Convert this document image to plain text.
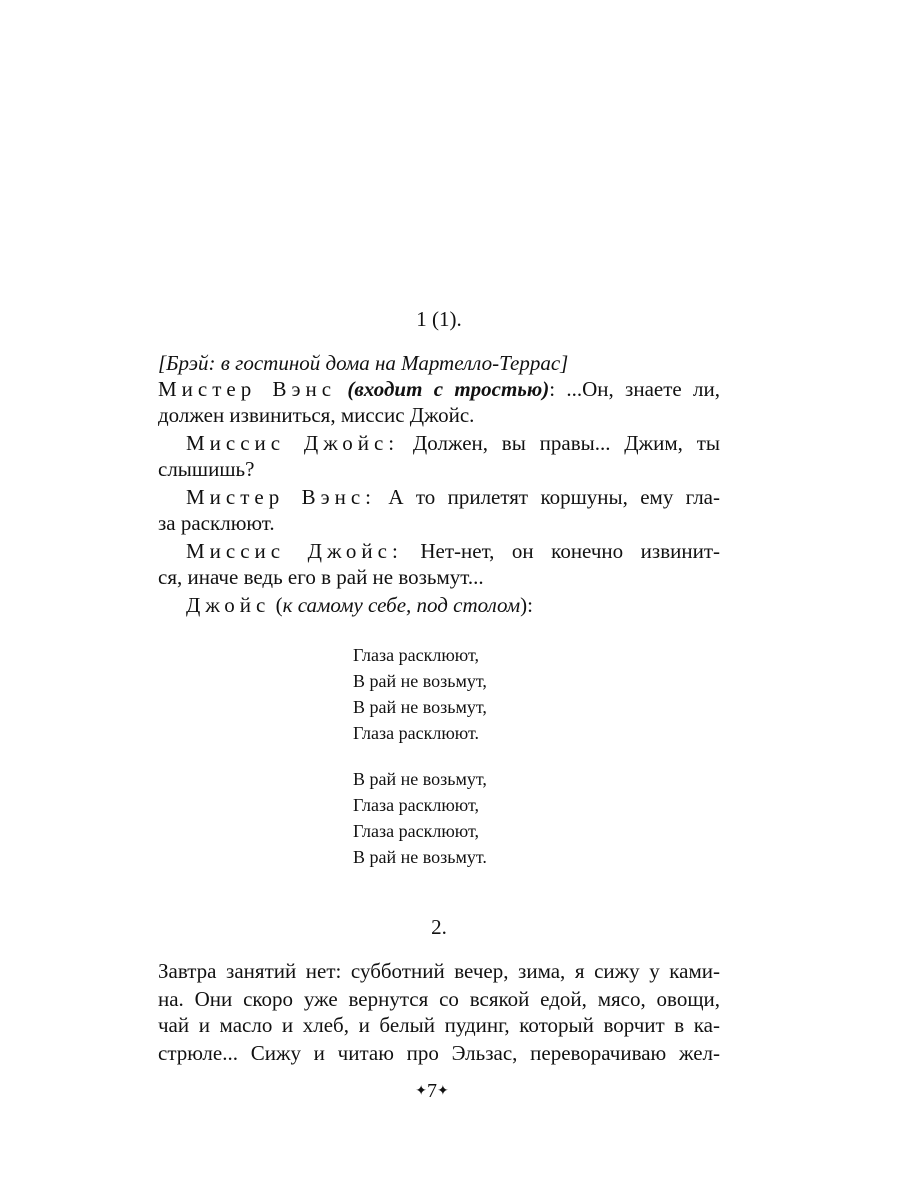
1 (1).
[Брэй: в гостиной дома на Мартелло-Террас]
Мистер Вэнс (входит с тростью): ...Он, знаете ли,
должен извиниться, миссис Джойс.
Миссис Джойс: Должен, вы правы... Джим, ты
слышишь?
Мистер Вэнс: А то прилетят коршуны, ему гла-
за расклюют.
Миссис Джойс: Нет-нет, он конечно извинит-
ся, иначе ведь его в рай не возьмут...
Джойс (к самому себе, под столом):
Глаза расклюют,
В рай не возьмут,
В рай не возьмут,
Глаза расклюют.
В рай не возьмут,
Глаза расклюют,
Глаза расклюют,
В рай не возьмут.
2.
Завтра занятий нет: субботний вечер, зима, я сижу у ками-
на. Они скоро уже вернутся со всякой едой, мясо, овощи,
чай и масло и хлеб, и белый пудинг, который ворчит в ка-
стрюле... Сижу и читаю про Эльзас, переворачиваю жел-
✦7✦
